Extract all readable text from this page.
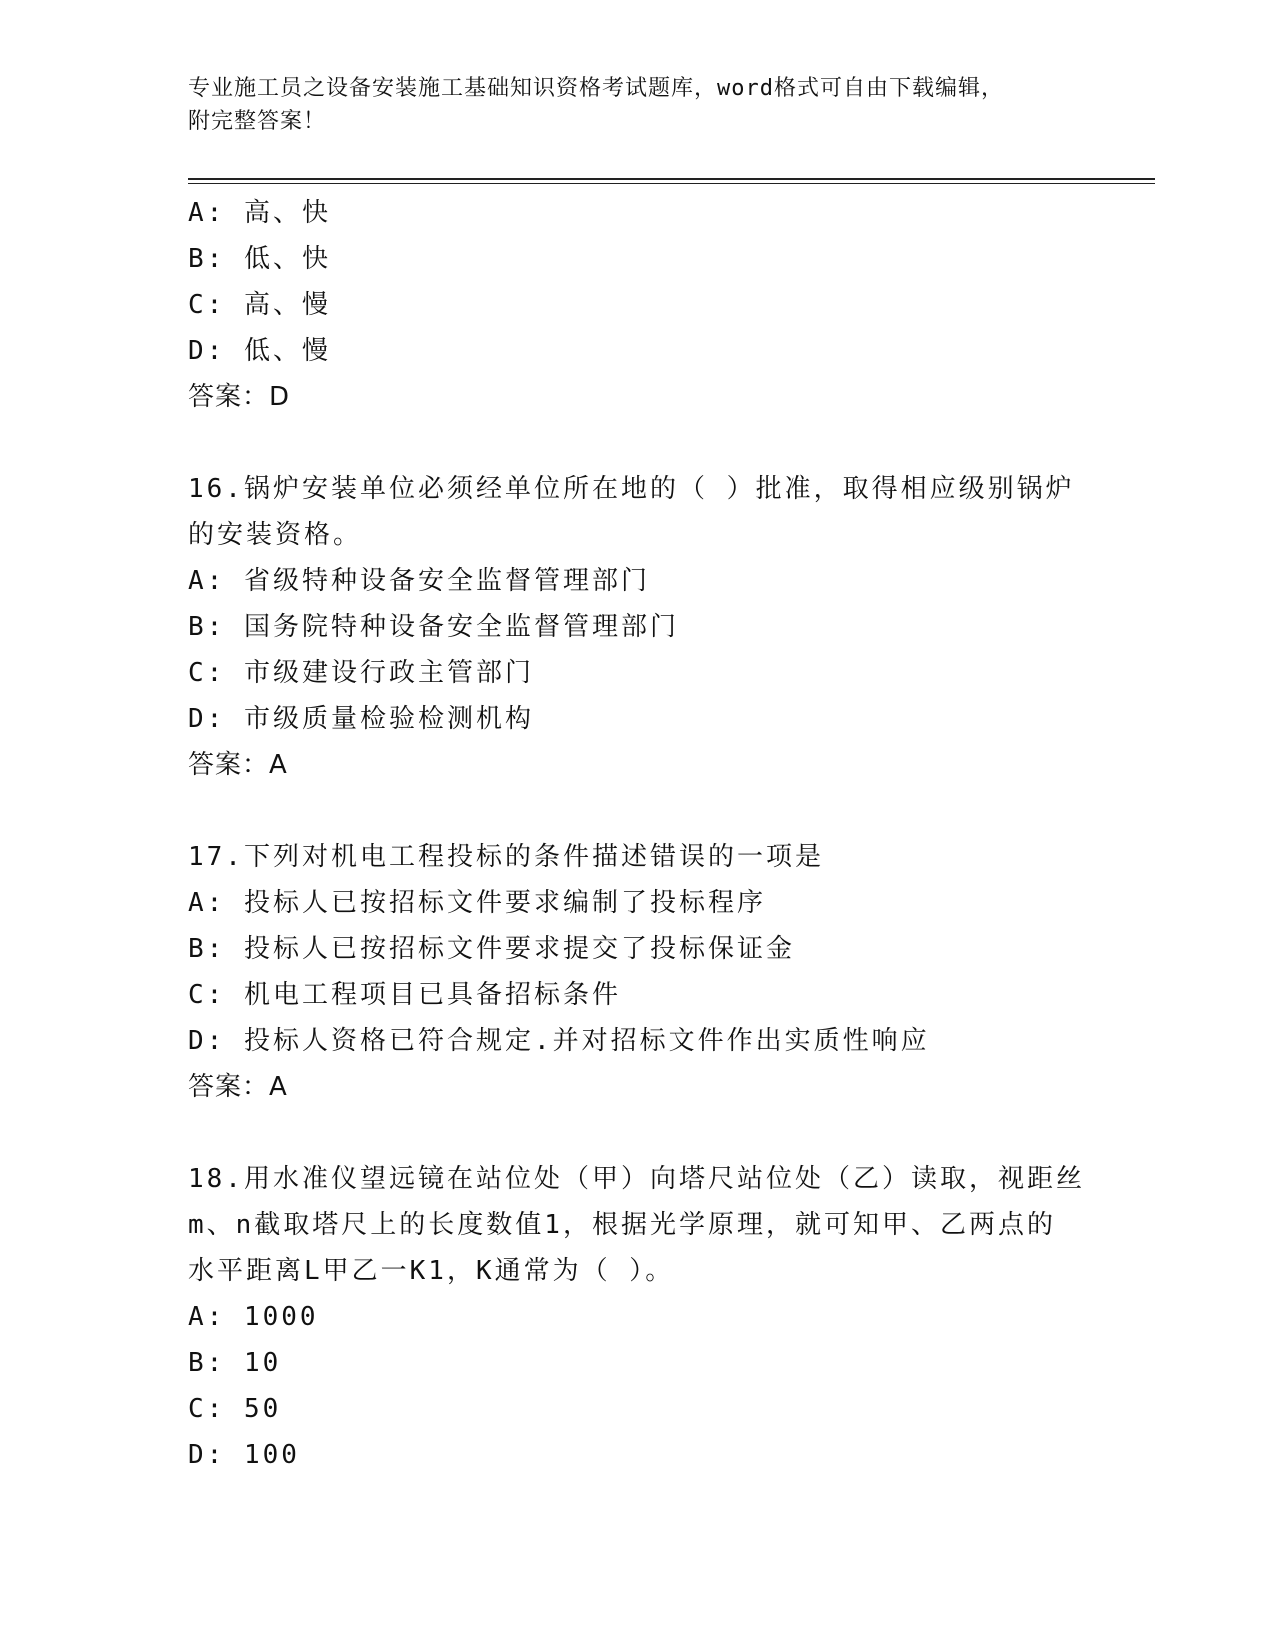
专业施工员之设备安装施工基础知识资格考试题库，word格式可自由下载编辑，
附完整答案！
A: 高、快
B: 低、快
C: 高、慢
D: 低、慢
答案：D
16.锅炉安装单位必须经单位所在地的（ ）批准，取得相应级别锅炉
的安装资格。
A: 省级特种设备安全监督管理部门
B: 国务院特种设备安全监督管理部门
C: 市级建设行政主管部门
D: 市级质量检验检测机构
答案：A
17.下列对机电工程投标的条件描述错误的一项是
A: 投标人已按招标文件要求编制了投标程序
B: 投标人已按招标文件要求提交了投标保证金
C: 机电工程项目已具备招标条件
D: 投标人资格已符合规定.并对招标文件作出实质性响应
答案：A
18.用水准仪望远镜在站位处（甲）向塔尺站位处（乙）读取，视距丝
m、n截取塔尺上的长度数值1，根据光学原理，就可知甲、乙两点的
水平距离L甲乙一K1，K通常为（ ）。
A: 1000
B: 10
C: 50
D: 100
